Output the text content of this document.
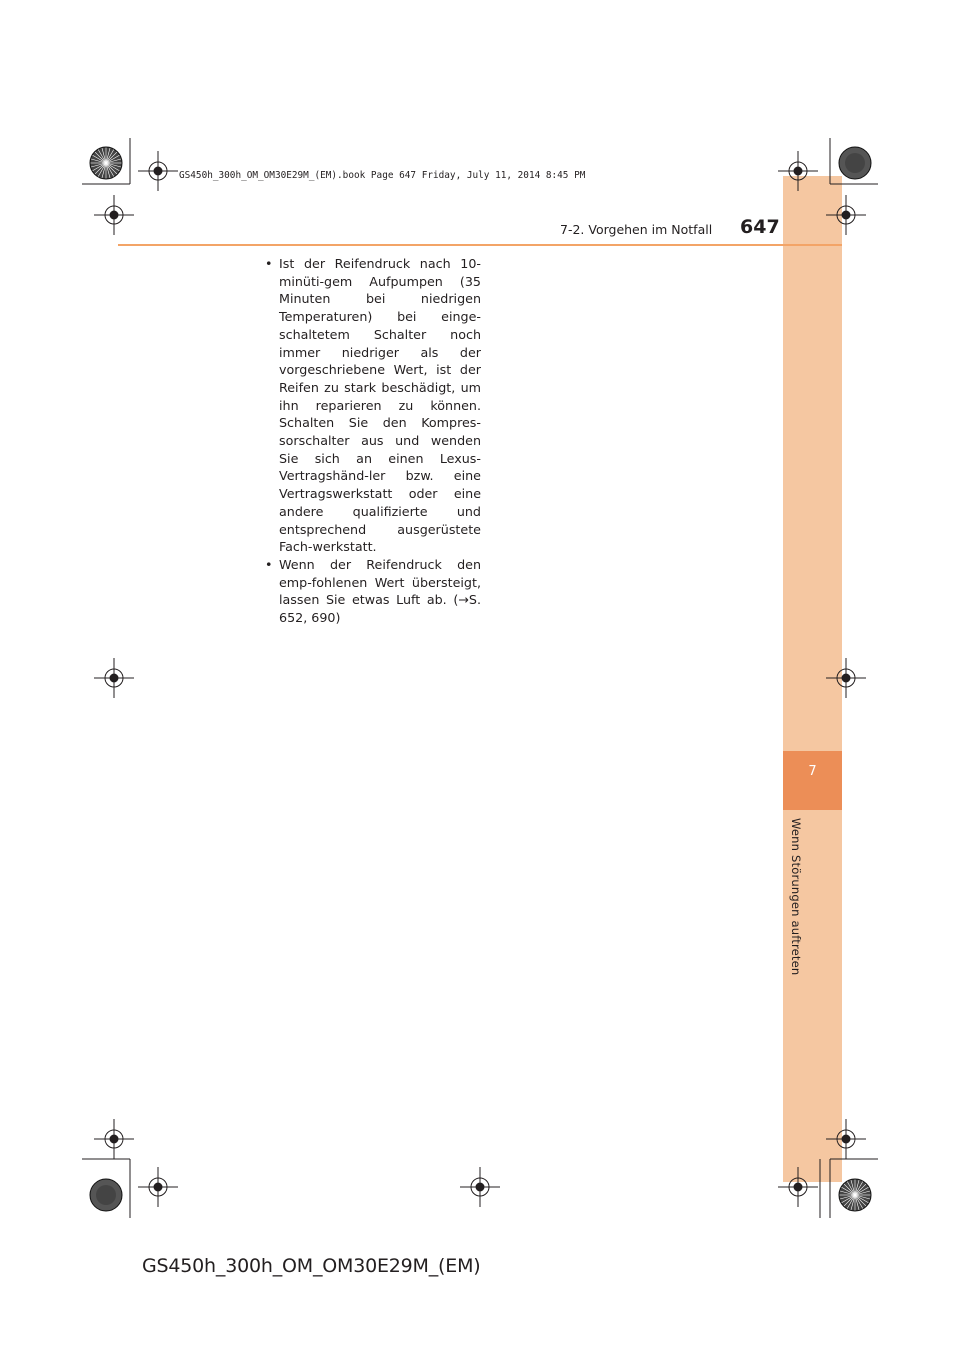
7
Wenn Störungen auftreten
7-2. Vorgehen im Notfall 647
GS450h_300h_OM_OM30E29M_(EM).book Page 647 Friday, July 11, 2014 8:45 PM

• Ist der Reifendruck nach 10-minüti-gem Aufpumpen (35 Minuten bei niedrigen Temperaturen) bei einge-schaltetem Schalter noch immer niedriger als der vorgeschriebene Wert, ist der Reifen zu stark beschädigt, um ihn reparieren zu können. Schalten Sie den Kompres-sorschalter aus und wenden Sie sich an einen Lexus-Vertragshänd-ler bzw. eine Vertragswerkstatt oder eine andere qualifizierte und entsprechend ausgerüstete Fach-werkstatt.

• Wenn der Reifendruck den emp-fohlenen Wert übersteigt, lassen Sie etwas Luft ab. (→S. 652, 690)

GS450h_300h_OM_OM30E29M_(EM)
